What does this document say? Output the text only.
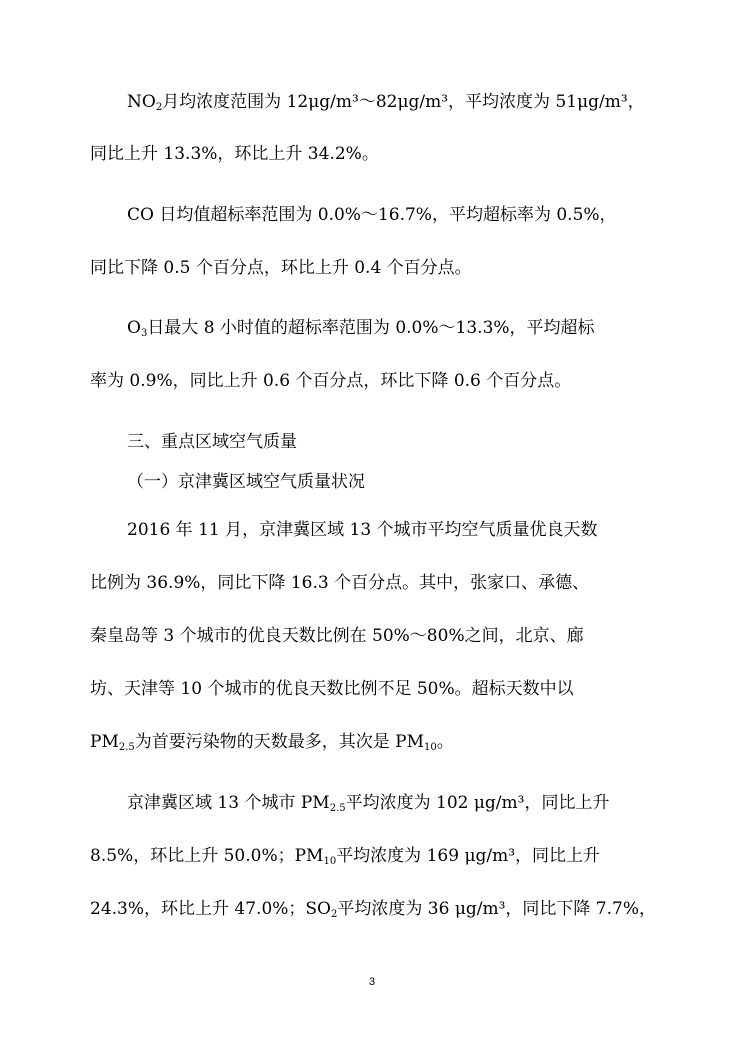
$NO_2$月均浓度范围为 12μg/m³～82μg/m³，平均浓度为 51μg/m³，
同比上升 13.3%，环比上升 34.2%。
CO 日均值超标率范围为 0.0%～16.7%，平均超标率为 0.5%，
同比下降 0.5 个百分点，环比上升 0.4 个百分点。
$O_3$日最大 8 小时值的超标率范围为 0.0%～13.3%，平均超标
率为 0.9%，同比上升 0.6 个百分点，环比下降 0.6 个百分点。
三、重点区域空气质量
（一）京津冀区域空气质量状况
2016 年 11 月，京津冀区域 13 个城市平均空气质量优良天数
比例为 36.9%，同比下降 16.3 个百分点。其中，张家口、承德、
秦皇岛等 3 个城市的优良天数比例在 50%～80%之间，北京、廊
坊、天津等 10 个城市的优良天数比例不足 50%。超标天数中以
$PM_{2.5}$为首要污染物的天数最多，其次是 $PM_{10}$。
京津冀区域 13 个城市 $PM_{2.5}$平均浓度为 102 μg/m³，同比上升
8.5%，环比上升 50.0%；$PM_{10}$平均浓度为 169 μg/m³，同比上升
24.3%，环比上升 47.0%；$SO_2$平均浓度为 36 μg/m³，同比下降 7.7%，
3
